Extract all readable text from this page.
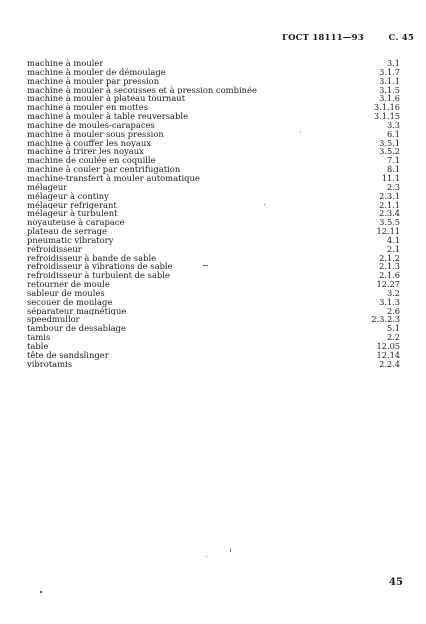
ГОСТ 18111—93	С. 45
machine à mouler	3.1
machine à mouler de démoulage	3.1.7
machine à mouler par pression	3.1.1
machine à mouler à secousses et à pression combinée	3.1.5
machine à mouler à plateau tournaut	3.1.6
machine à mouler en mottes	3.1.16
machine à mouler à table reuversable	3.1.15
machine de moules-carapaces	3.3
machine à mouler sous pression	6.1
machine à couffer les noyaux	3.5.1
machine à trirer les noyaux	3.5.2
machine de coulée en coquille	7.1
machine à couler par centrifugation	8.1
machine-transfert à mouler automatique	11.1
mélageur	2.3
mélageur à continy	2.3.1
mélageur refrigerant	2.1.1
mélageur à turbulent	2.3.4
noyauteuse à carapace	3.5.5
plateau de serrage	12.11
pneumatic vibratory	4.1
refroidisseur	2.1
refroidisseur à bande de sable	2.1.2
refroidisseur à vibrations de sable	2.1.3
refroidisseur à turbulent de sable	2.1.6
retourner de moule	12.27
sableur de moules	3.2
secouer de moulage	3.1.3
séparateur magnétique	2.6
speedmullor	2.3.2.3
tambour de dessablage	5.1
tamis	2.2
table	12.05
tête de sandslinger	12.14
vibrotamis	2.2.4
45
